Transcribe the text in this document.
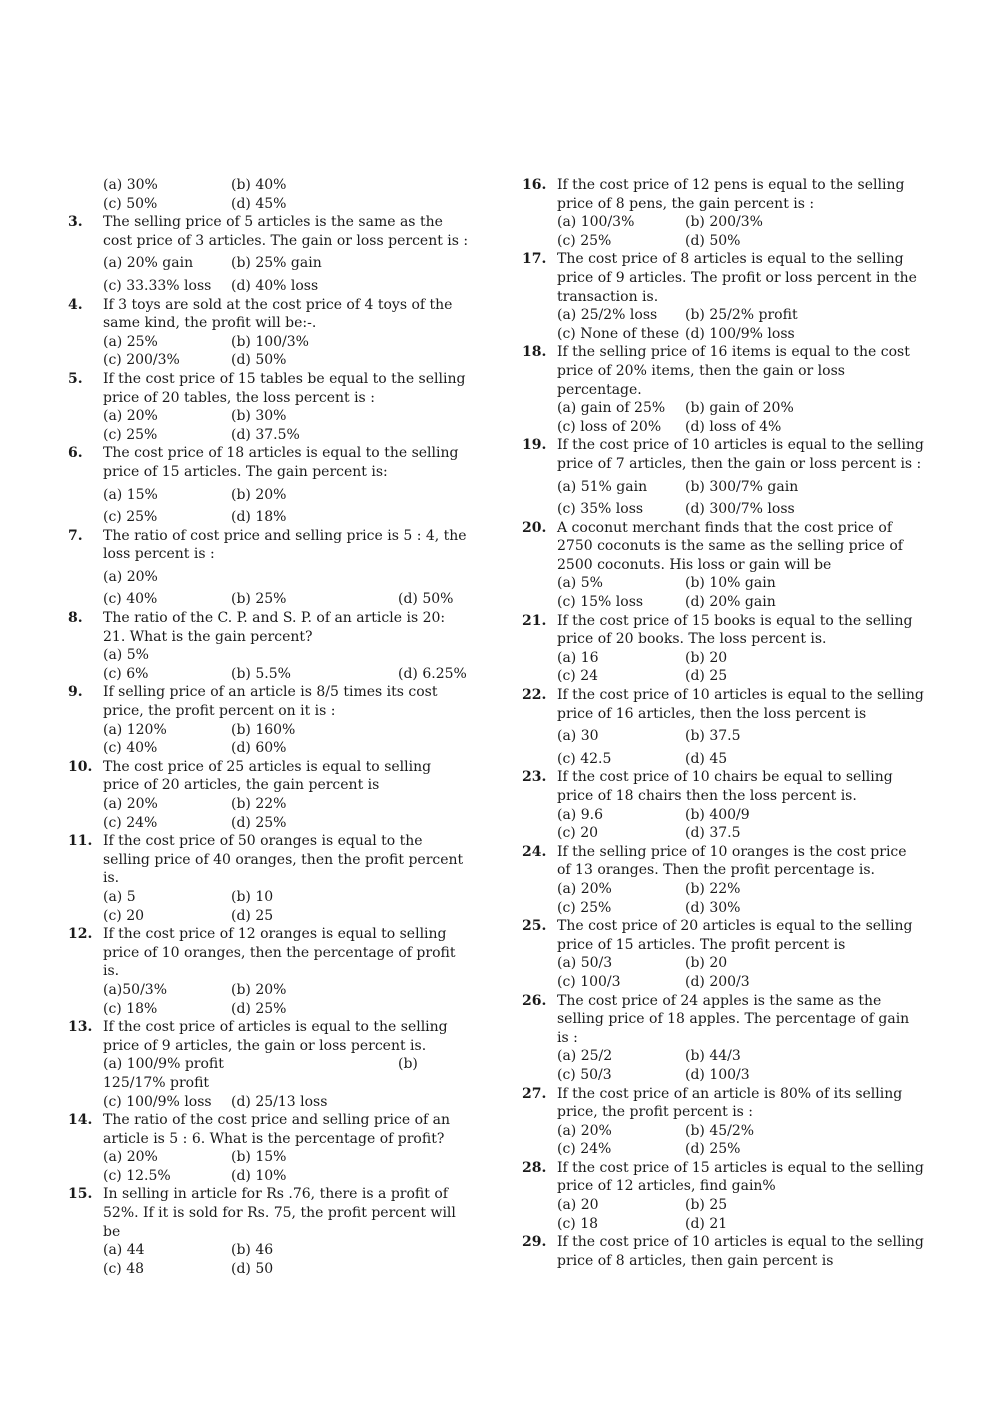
(a) 30%	(b) 40%
(c) 50%	(d) 45%
3. The selling price of 5 articles is the same as the cost price of 3 articles. The gain or loss percent is :
(a) 20% gain	(b) 25% gain
(c) 33.33% loss	(d) 40% loss
4. If 3 toys are sold at the cost price of 4 toys of the same kind, the profit will be:-.
(a) 25%	(b) 100/3%
(c) 200/3%	(d) 50%
5. If the cost price of 15 tables be equal to the selling price of 20 tables, the loss percent is :
(a) 20%	(b) 30%
(c) 25%	(d) 37.5%
6. The cost price of 18 articles is equal to the selling price of 15 articles. The gain percent is:
(a) 15%	(b) 20%
(c) 25%	(d) 18%
7. The ratio of cost price and selling price is 5 : 4, the loss percent is :
(a) 20%
(c) 40%	(b) 25%	(d) 50%
8. The ratio of the C. P. and S. P. of an article is 20: 21. What is the gain percent?
(a) 5%
(c) 6%	(b) 5.5%	(d) 6.25%
9. If selling price of an article is 8/5 times its cost price, the profit percent on it is :
(a) 120%	(b) 160%
(c) 40%	(d) 60%
10. The cost price of 25 articles is equal to selling price of 20 articles, the gain percent is
(a) 20%	(b) 22%
(c) 24%	(d) 25%
11. If the cost price of 50 oranges is equal to the selling price of 40 oranges, then the profit percent is.
(a) 5	(b) 10
(c) 20	(d) 25
12. If the cost price of 12 oranges is equal to selling price of 10 oranges, then the percentage of profit is.
(a)50/3%	(b) 20%
(c) 18%	(d) 25%
13. If the cost price of articles is equal to the selling price of 9 articles, the gain or loss percent is.
(a) 100/9% profit	(b)
125/17% profit
(c) 100/9% loss	(d) 25/13 loss
14. The ratio of the cost price and selling price of an article is 5 : 6. What is the percentage of profit?
(a) 20%	(b) 15%
(c) 12.5%	(d) 10%
15. In selling in article for Rs .76, there is a profit of 52%. If it is sold for Rs. 75, the profit percent will be
(a) 44	(b) 46
(c) 48	(d) 50
16. If the cost price of 12 pens is equal to the selling price of 8 pens, the gain percent is :
(a) 100/3%	(b) 200/3%
(c) 25%	(d) 50%
17. The cost price of 8 articles is equal to the selling price of 9 articles. The profit or loss percent in the transaction is.
(a) 25/2% loss	(b) 25/2% profit
(c) None of these (d) 100/9% loss
18. If the selling price of 16 items is equal to the cost price of 20% items, then the gain or loss percentage.
(a) gain of 25%	(b) gain of 20%
(c) loss of 20%	(d) loss of 4%
19. If the cost price of 10 articles is equal to the selling price of 7 articles, then the gain or loss percent is :
(a) 51% gain	(b) 300/7% gain
(c) 35% loss	(d) 300/7% loss
20. A coconut merchant finds that the cost price of 2750 coconuts is the same as the selling price of 2500 coconuts. His loss or gain will be
(a) 5%	(b) 10% gain
(c) 15% loss	(d) 20% gain
21. If the cost price of 15 books is equal to the selling price of 20 books. The loss percent is.
(a) 16	(b) 20
(c) 24	(d) 25
22. If the cost price of 10 articles is equal to the selling price of 16 articles, then the loss percent is
(a) 30	(b) 37.5
(c) 42.5	(d) 45
23. If the cost price of 10 chairs be equal to selling price of 18 chairs then the loss percent is.
(a) 9.6	(b) 400/9
(c) 20	(d) 37.5
24. If the selling price of 10 oranges is the cost price of 13 oranges. Then the profit percentage is.
(a) 20%	(b) 22%
(c) 25%	(d) 30%
25. The cost price of 20 articles is equal to the selling price of 15 articles. The profit percent is
(a) 50/3	(b) 20
(c) 100/3	(d) 200/3
26. The cost price of 24 apples is the same as the selling price of 18 apples. The percentage of gain is :
(a) 25/2	(b) 44/3
(c) 50/3	(d) 100/3
27. If the cost price of an article is 80% of its selling price, the profit percent is :
(a) 20%	(b) 45/2%
(c) 24%	(d) 25%
28. If the cost price of 15 articles is equal to the selling price of 12 articles, find gain%
(a) 20	(b) 25
(c) 18	(d) 21
29. If the cost price of 10 articles is equal to the selling price of 8 articles, then gain percent is
